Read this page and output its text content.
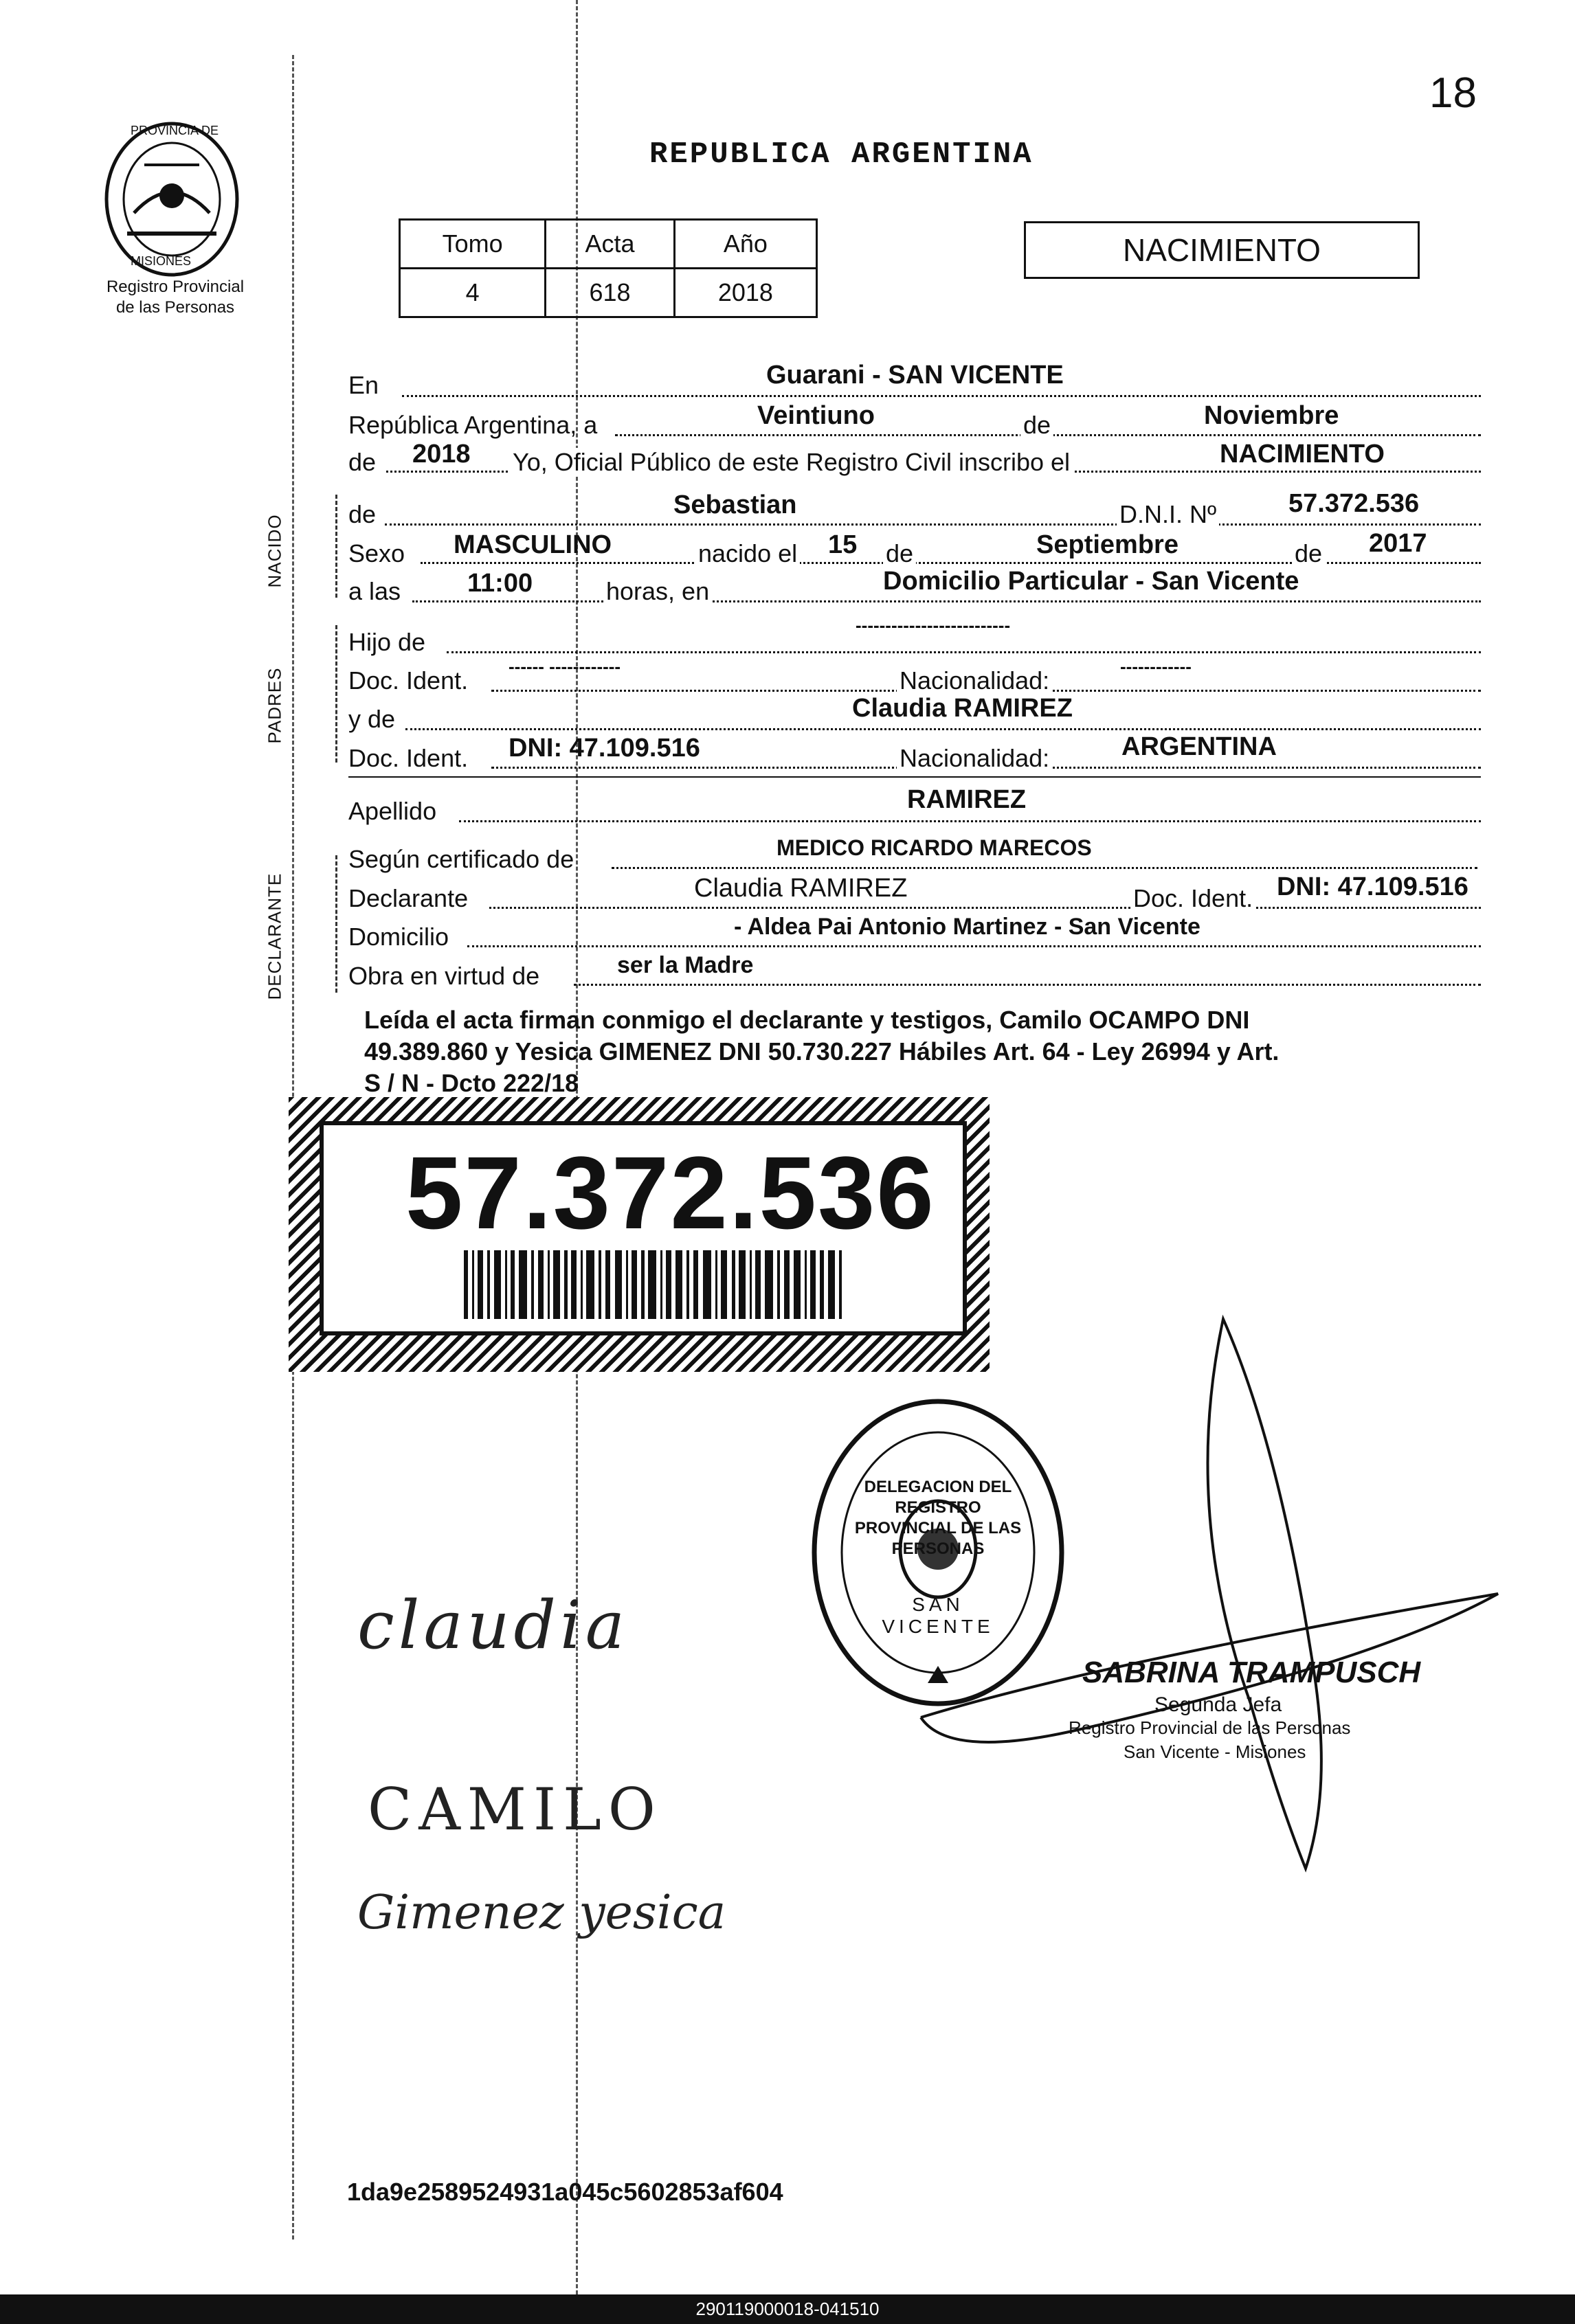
18
PROVINCIA DE
MISIONES
Registro Provincial
de las Personas
REPUBLICA ARGENTINA
Tomo	Acta	Año
4	618	2018
NACIMIENTO
En	Guarani - SAN VICENTE
República Argentina, a	Veintiuno	de	Noviembre
de 2018 Yo, Oficial Público de este Registro Civil inscribo el	NACIMIENTO
NACIDO	de	Sebastian	D.N.I. Nº	57.372.536
Sexo MASCULINO	nacido el 15 de	Septiembre	de 2017
a las	11:00	horas, en	Domicilio Particular - San Vicente
PADRES
Hijo de
--------------------------
Doc. Ident. ------ ------------	Nacionalidad:	------------
y de	Claudia RAMIREZ
Doc. Ident. DNI: 47.109.516	Nacionalidad:	ARGENTINA
Apellido	RAMIREZ
DECLARANTE
Según certificado de	MEDICO RICARDO MARECOS
Declarante	Claudia RAMIREZ	Doc. Ident. DNI: 47.109.516
Domicilio	- Aldea Pai Antonio Martinez - San Vicente
Obra en virtud de	ser la Madre
Leída el acta firman conmigo el declarante y testigos, Camilo OCAMPO DNI
49.389.860 y Yesica GIMENEZ DNI 50.730.227 Hábiles Art. 64 - Ley 26994 y Art.
S / N - Dcto 222/18
57.372.536
DELEGACION DEL REGISTRO PROVINCIAL DE LAS PERSONAS
SAN VICENTE
SABRINA TRAMPUSCH
Segunda Jefa
Registro Provincial de las Personas
San Vicente - Misiones
claudia
CAMILO
Gimenez yesica
1da9e2589524931a045c5602853af604
290119000018-041510
